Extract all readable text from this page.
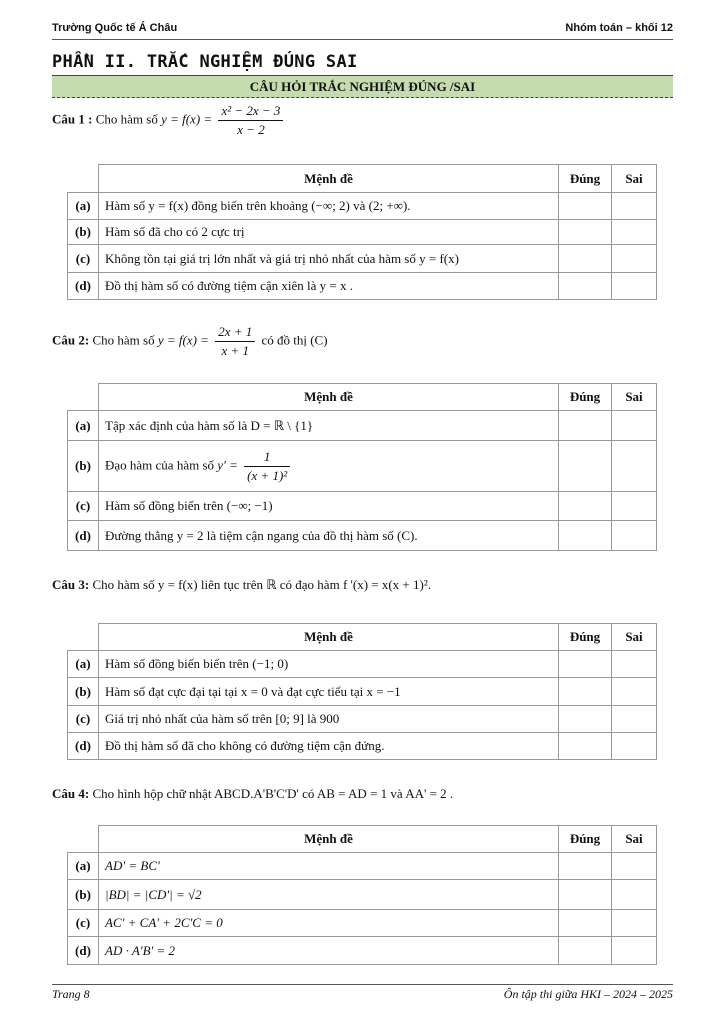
Trường Quốc tế Á Châu	Nhóm toán – khối 12
PHẦN II. TRẮC NGHIỆM ĐÚNG SAI
CÂU HỎI TRẮC NGHIỆM ĐÚNG /SAI
Câu 1 : Cho hàm số $y = f(x) = \frac{\text{x² − 2x − 3}}{x - 2}$
	Mệnh đề	Đúng	Sai
(a)	Hàm số y = f(x) đồng biến trên khoảng (−∞; 2) và (2; +∞).		
(b)	Hàm số đã cho có 2 cực trị		
(c)	Không tồn tại giá trị lớn nhất và giá trị nhỏ nhất của hàm số y = f(x)		
(d)	Đồ thị hàm số có đường tiệm cận xiên là y = x .		
Câu 2: Cho hàm số $y = f(x) = \frac{2x + 1}{x + 1}$ có đồ thị (C)
	Mệnh đề	Đúng	Sai
(a)	Tập xác định của hàm số là D = ℝ \ {1}		
(b)	Đạo hàm của hàm số $y' = \frac{1}{\text{(x + 1)²}}$

(c)	Hàm số đồng biến trên (−∞; −1)		
(d)	Đường thẳng y = 2 là tiệm cận ngang của đồ thị hàm số (C).		
Câu 3: Cho hàm số y = f(x) liên tục trên ℝ có đạo hàm f '(x) = x(x + 1)².
	Mệnh đề	Đúng	Sai
(a)	Hàm số đồng biến biến trên (−1; 0)		
(b)	Hàm số đạt cực đại tại tại x = 0 và đạt cực tiểu tại x = −1		
(c)	Giá trị nhỏ nhất của hàm số trên [0; 9] là 900		
(d)	Đồ thị hàm số đã cho không có đường tiệm cận đứng.		
Câu 4: Cho hình hộp chữ nhật ABCD.A'B'C'D' có AB = AD = 1 và AA' = 2 .
	Mệnh đề	Đúng	Sai
(a)	AD' = BC'		
(b)	|BD| = |CD'| = √2		
(c)	AC' + CA' + 2C'C = 0		
(d)	AD · A'B' = 2		
Trang 8	Ôn tập thi giữa HKI – 2024 – 2025
